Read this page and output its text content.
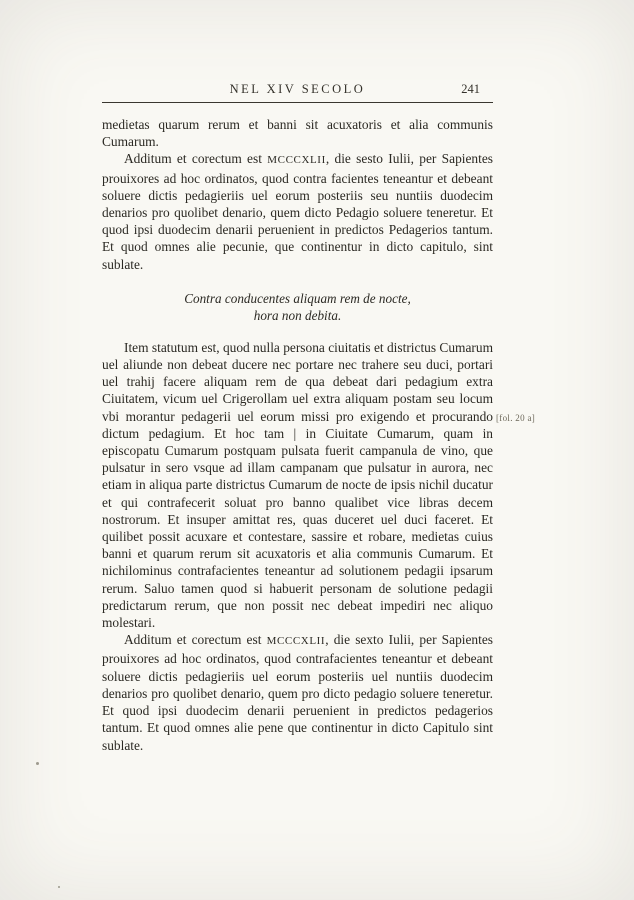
NEL XIV SECOLO	241

medietas quarum rerum et banni sit acuxatoris et alia communis Cumarum.

Additum et corectum est MCCCXLII, die sesto Iulii, per Sapientes prouixores ad hoc ordinatos, quod contra facientes teneantur et debeant soluere dictis pedagieriis uel eorum posteriis seu nuntiis duodecim denarios pro quolibet denario, quem dicto Pedagio soluere teneretur. Et quod ipsi duodecim denarii peruenient in predictos Pedagerios tantum. Et quod omnes alie pecunie, que continentur in dicto capitulo, sint sublate.

Contra conducentes aliquam rem de nocte,
hora non debita.

Item statutum est, quod nulla persona ciuitatis et districtus Cumarum uel aliunde non debeat ducere nec portare nec trahere seu duci, portari uel trahij facere aliquam rem de qua debeat dari pedagium extra Ciuitatem, vicum uel Crigerollam uel extra aliquam postam seu locum vbi morantur pedagerii uel eorum missi pro exigendo et procurando dictum pedagium. Et hoc tam | in Ciuitate Cumarum, quam in episcopatu Cumarum postquam pulsata fuerit campanula de vino, que pulsatur in sero vsque ad illam campanam que pulsatur in aurora, nec etiam in aliqua parte districtus Cumarum de nocte de ipsis nichil ducatur et qui contrafecerit soluat pro banno qualibet vice libras decem nostrorum. Et insuper amittat res, quas duceret uel duci faceret. Et quilibet possit acuxare et contestare, sassire et robare, medietas cuius banni et quarum rerum sit acuxatoris et alia communis Cumarum. Et nichilominus contrafacientes teneantur ad solutionem pedagii ipsarum rerum. Saluo tamen quod si habuerit personam de solutione pedagii predictarum rerum, que non possit nec debeat impediri nec aliquo molestari.

Additum et corectum est MCCCXLII, die sexto Iulii, per Sapientes prouixores ad hoc ordinatos, quod contrafacientes teneantur et debeant soluere dictis pedagieriis uel eorum posteriis uel nuntiis duodecim denarios pro quolibet denario, quem pro dicto pedagio soluere teneretur. Et quod ipsi duodecim denarii peruenient in predictos pedagerios tantum. Et quod omnes alie pene que continentur in dicto Capitulo sint sublate.

[fol. 20 a]
